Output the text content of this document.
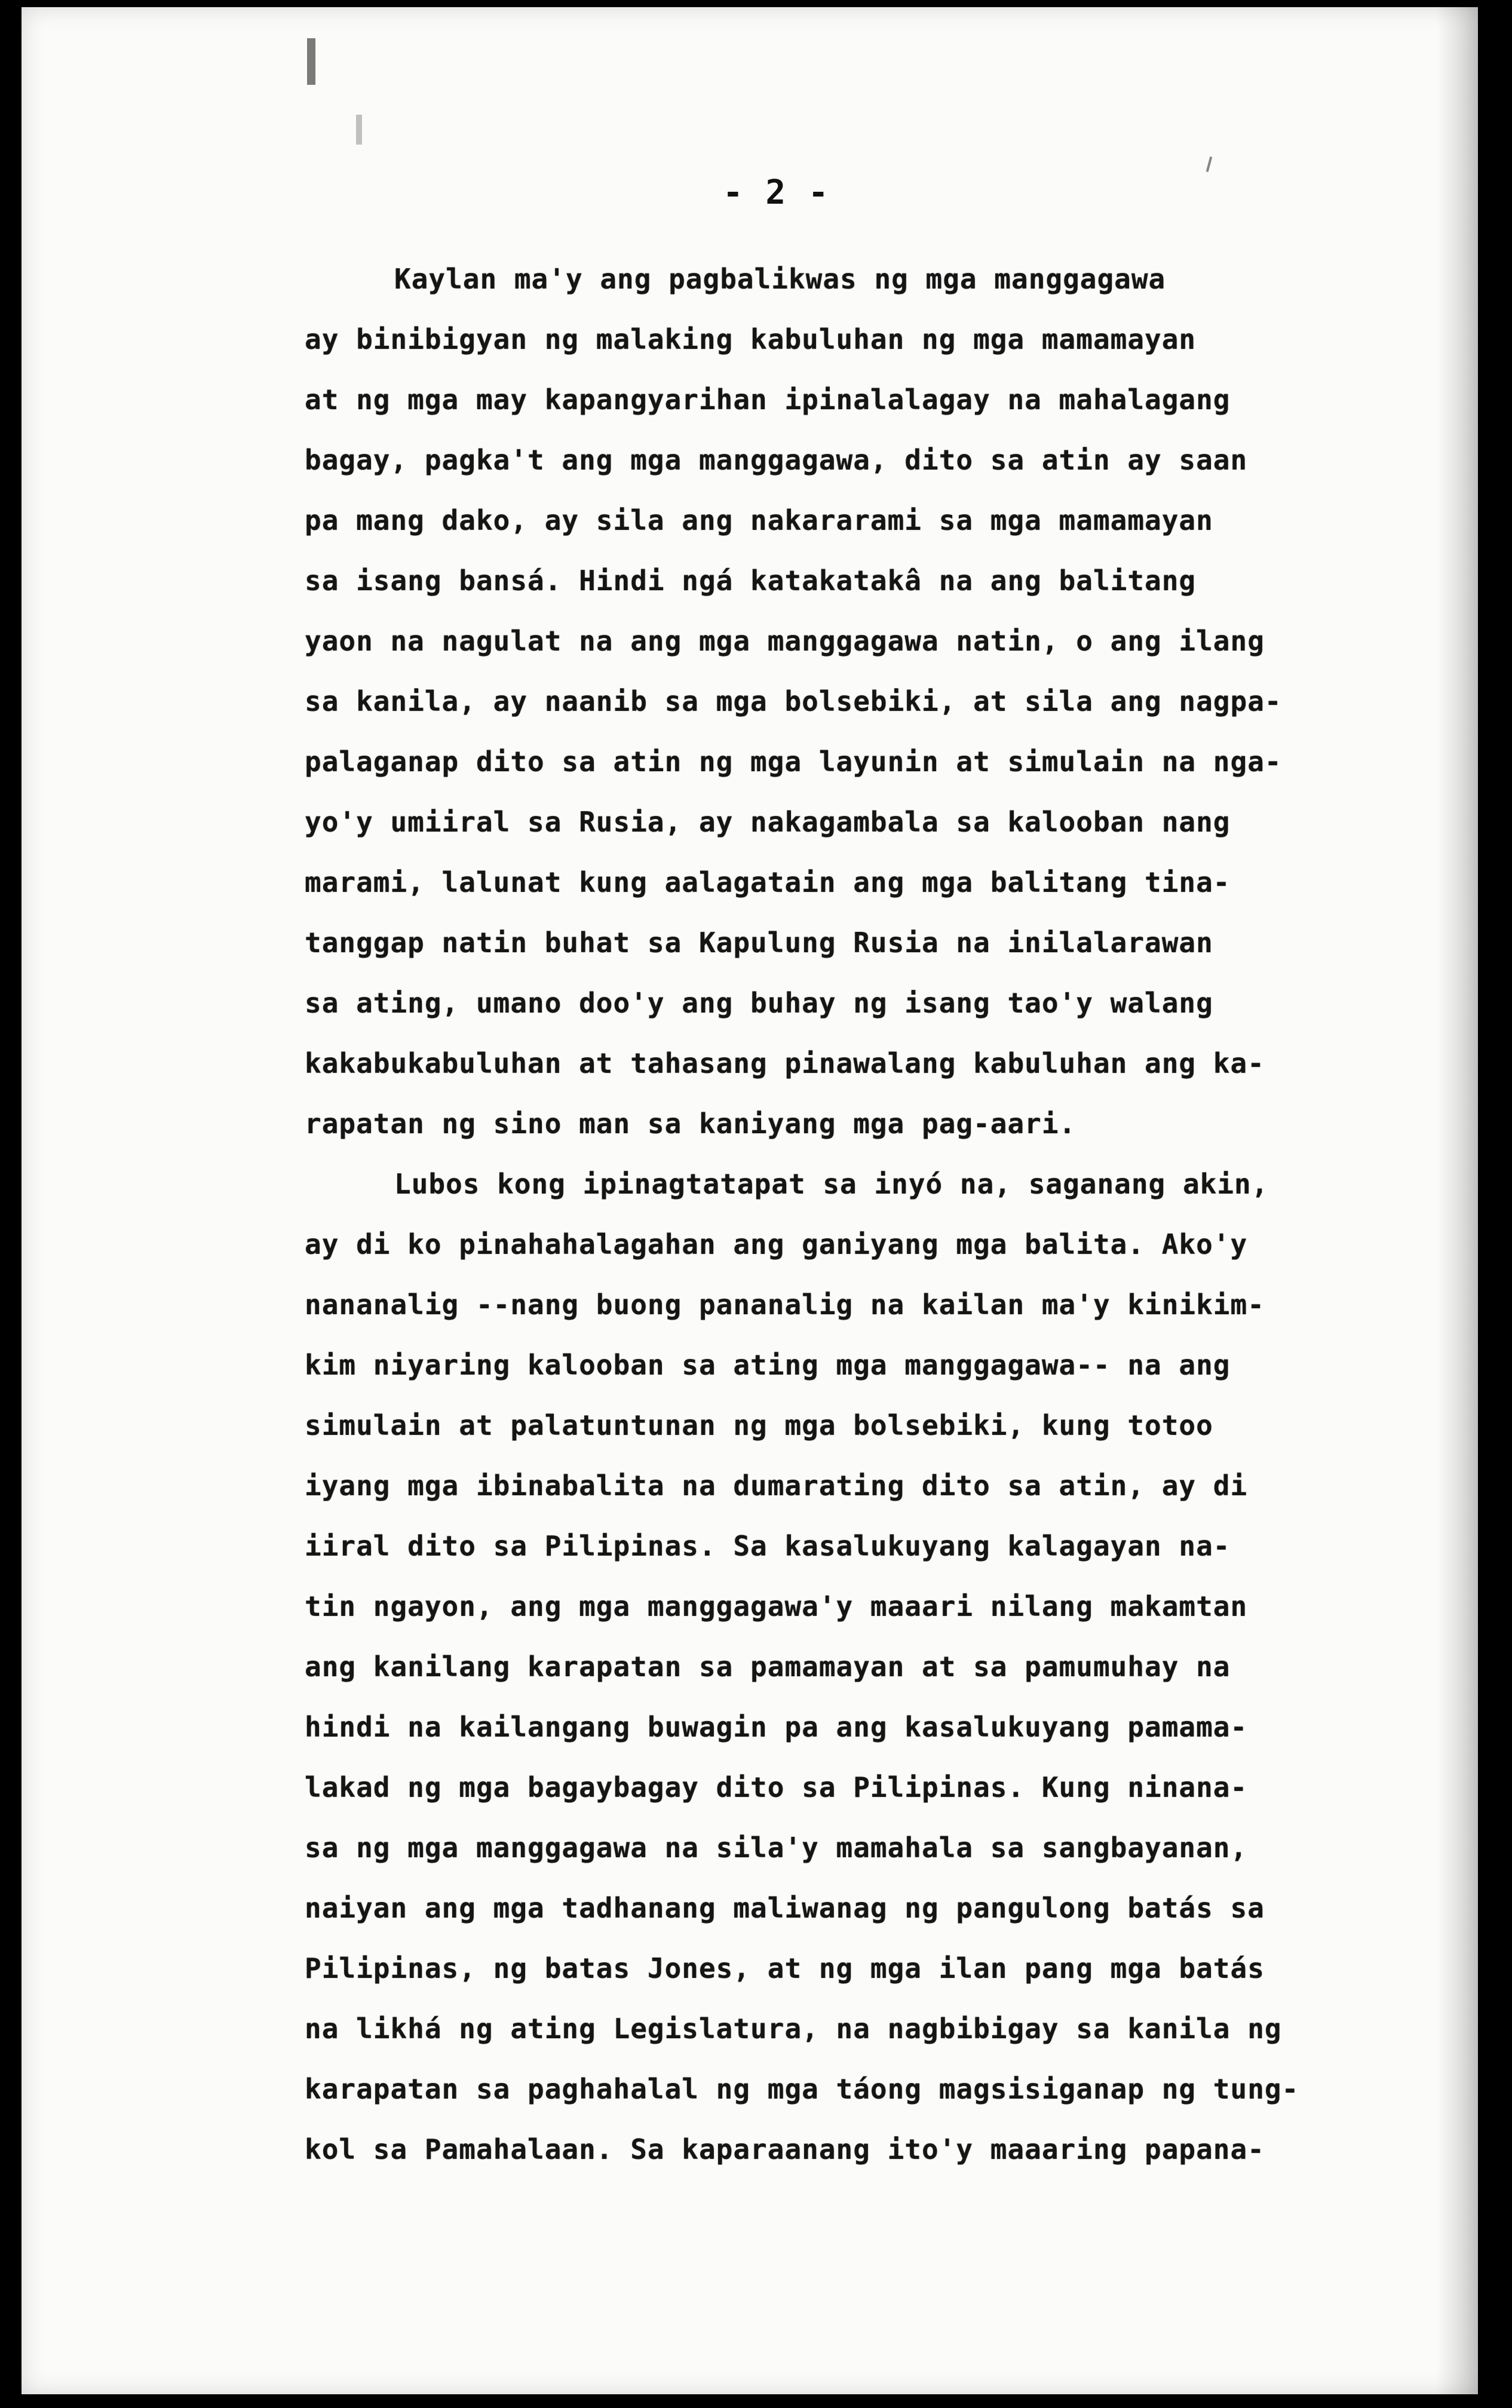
- 2 -
Kaylan ma'y ang pagbalikwas ng mga manggagawa
ay binibigyan ng malaking kabuluhan ng mga mamamayan
at ng mga may kapangyarihan ipinalalagay na mahalagang
bagay, pagka't ang mga manggagawa, dito sa atin ay saan
pa mang dako, ay sila ang nakararami sa mga mamamayan
sa isang bansá. Hindi ngá katakatakâ na ang balitang
yaon na nagulat na ang mga manggagawa natin, o ang ilang
sa kanila, ay naanib sa mga bolsebiki, at sila ang nagpa-
palaganap dito sa atin ng mga layunin at simulain na nga-
yo'y umiiral sa Rusia, ay nakagambala sa kalooban nang
marami, lalunat kung aalagatain ang mga balitang tina-
tanggap natin buhat sa Kapulung Rusia na inilalarawan
sa ating, umano doo'y ang buhay ng isang tao'y walang
kakabukabuluhan at tahasang pinawalang kabuluhan ang ka-
rapatan ng sino man sa kaniyang mga pag-aari.
Lubos kong ipinagtatapat sa inyó na, saganang akin,
ay di ko pinahahalagahan ang ganiyang mga balita. Ako'y
nananalig --nang buong pananalig na kailan ma'y kinikim-
kim niyaring kalooban sa ating mga manggagawa-- na ang
simulain at palatuntunan ng mga bolsebiki, kung totoo
iyang mga ibinabalita na dumarating dito sa atin, ay di
iiral dito sa Pilipinas. Sa kasalukuyang kalagayan na-
tin ngayon, ang mga manggagawa'y maaari nilang makamtan
ang kanilang karapatan sa pamamayan at sa pamumuhay na
hindi na kailangang buwagin pa ang kasalukuyang pamama-
lakad ng mga bagaybagay dito sa Pilipinas. Kung ninana-
sa ng mga manggagawa na sila'y mamahala sa sangbayanan,
naiyan ang mga tadhanang maliwanag ng pangulong batás sa
Pilipinas, ng batas Jones, at ng mga ilan pang mga batás
na likhá ng ating Legislatura, na nagbibigay sa kanila ng
karapatan sa paghahalal ng mga táong magsisiganap ng tung-
kol sa Pamahalaan. Sa kaparaanang ito'y maaaring papana-
